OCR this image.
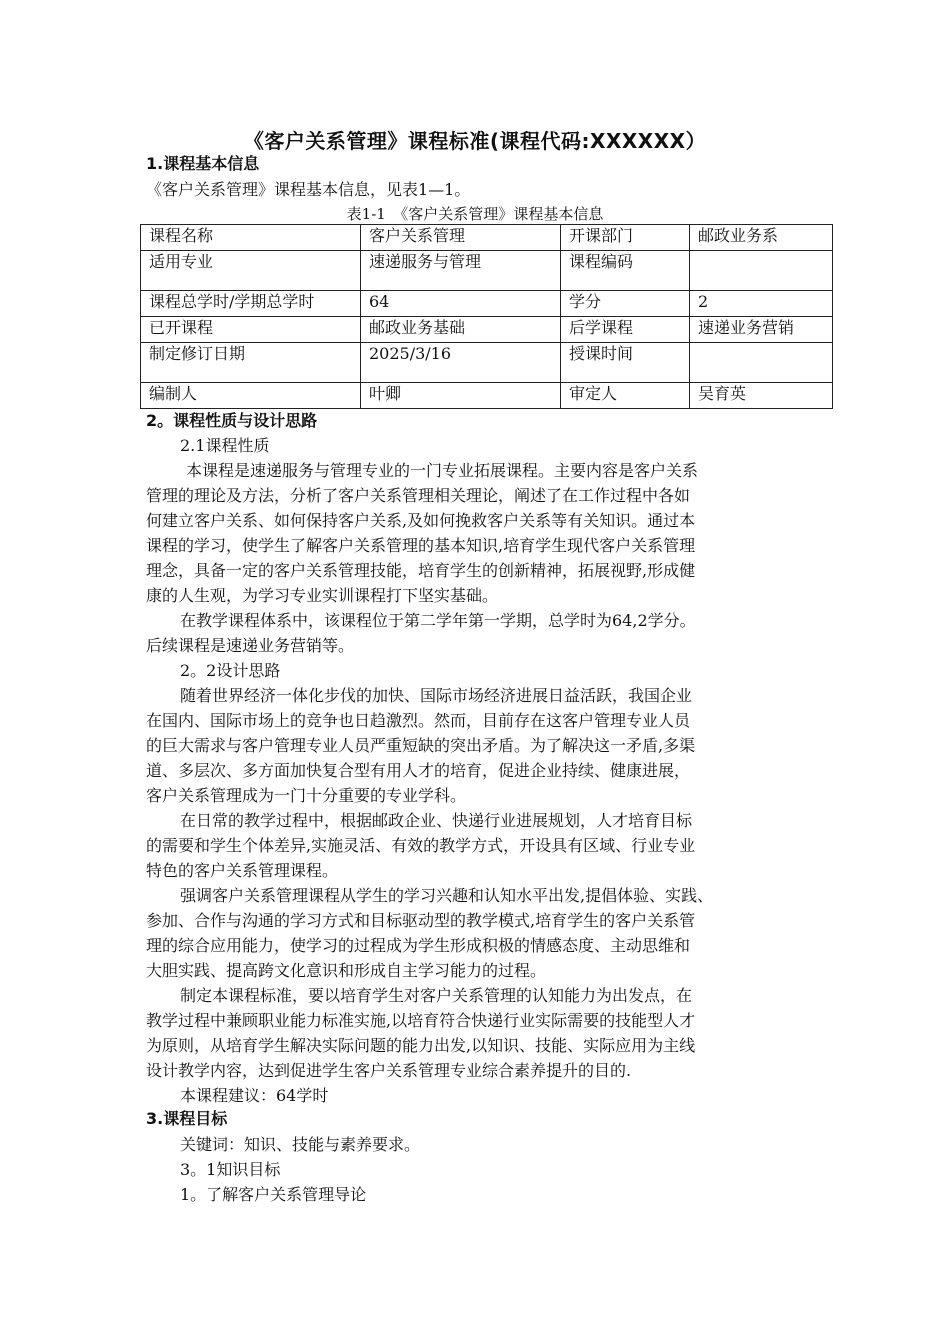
《客户关系管理》课程标准(课程代码:XXXXXX）
1.课程基本信息
《客户关系管理》课程基本信息，见表1—1。
表1-1　《客户关系管理》课程基本信息
课程名称	客户关系管理	开课部门	邮政业务系
适用专业	速递服务与管理	课程编码	
课程总学时/学期总学时	64	学分	2
已开课程	邮政业务基础	后学课程	速递业务营销
制定修订日期	2025/3/16	授课时间	
编制人	叶卿	审定人	吴育英
2。课程性质与设计思路
2.1课程性质
本课程是速递服务与管理专业的一门专业拓展课程。主要内容是客户关系
管理的理论及方法，分析了客户关系管理相关理论，阐述了在工作过程中各如
何建立客户关系、如何保持客户关系,及如何挽救客户关系等有关知识。通过本
课程的学习，使学生了解客户关系管理的基本知识,培育学生现代客户关系管理
理念，具备一定的客户关系管理技能，培育学生的创新精神，拓展视野,形成健
康的人生观，为学习专业实训课程打下坚实基础。
在教学课程体系中，该课程位于第二学年第一学期，总学时为64,2学分。
后续课程是速递业务营销等。
2。2设计思路
随着世界经济一体化步伐的加快、国际市场经济进展日益活跃，我国企业
在国内、国际市场上的竞争也日趋激烈。然而，目前存在这客户管理专业人员
的巨大需求与客户管理专业人员严重短缺的突出矛盾。为了解决这一矛盾,多渠
道、多层次、多方面加快复合型有用人才的培育，促进企业持续、健康进展，
客户关系管理成为一门十分重要的专业学科。
在日常的教学过程中，根据邮政企业、快递行业进展规划，人才培育目标
的需要和学生个体差异,实施灵活、有效的教学方式，开设具有区域、行业专业
特色的客户关系管理课程。
强调客户关系管理课程从学生的学习兴趣和认知水平出发,提倡体验、实践、
参加、合作与沟通的学习方式和目标驱动型的教学模式,培育学生的客户关系管
理的综合应用能力，使学习的过程成为学生形成积极的情感态度、主动思维和
大胆实践、提高跨文化意识和形成自主学习能力的过程。
制定本课程标准，要以培育学生对客户关系管理的认知能力为出发点，在
教学过程中兼顾职业能力标准实施,以培育符合快递行业实际需要的技能型人才
为原则，从培育学生解决实际问题的能力出发,以知识、技能、实际应用为主线
设计教学内容，达到促进学生客户关系管理专业综合素养提升的目的.
本课程建议：64学时
3.课程目标
关键词：知识、技能与素养要求。
3。1知识目标
1。了解客户关系管理导论
